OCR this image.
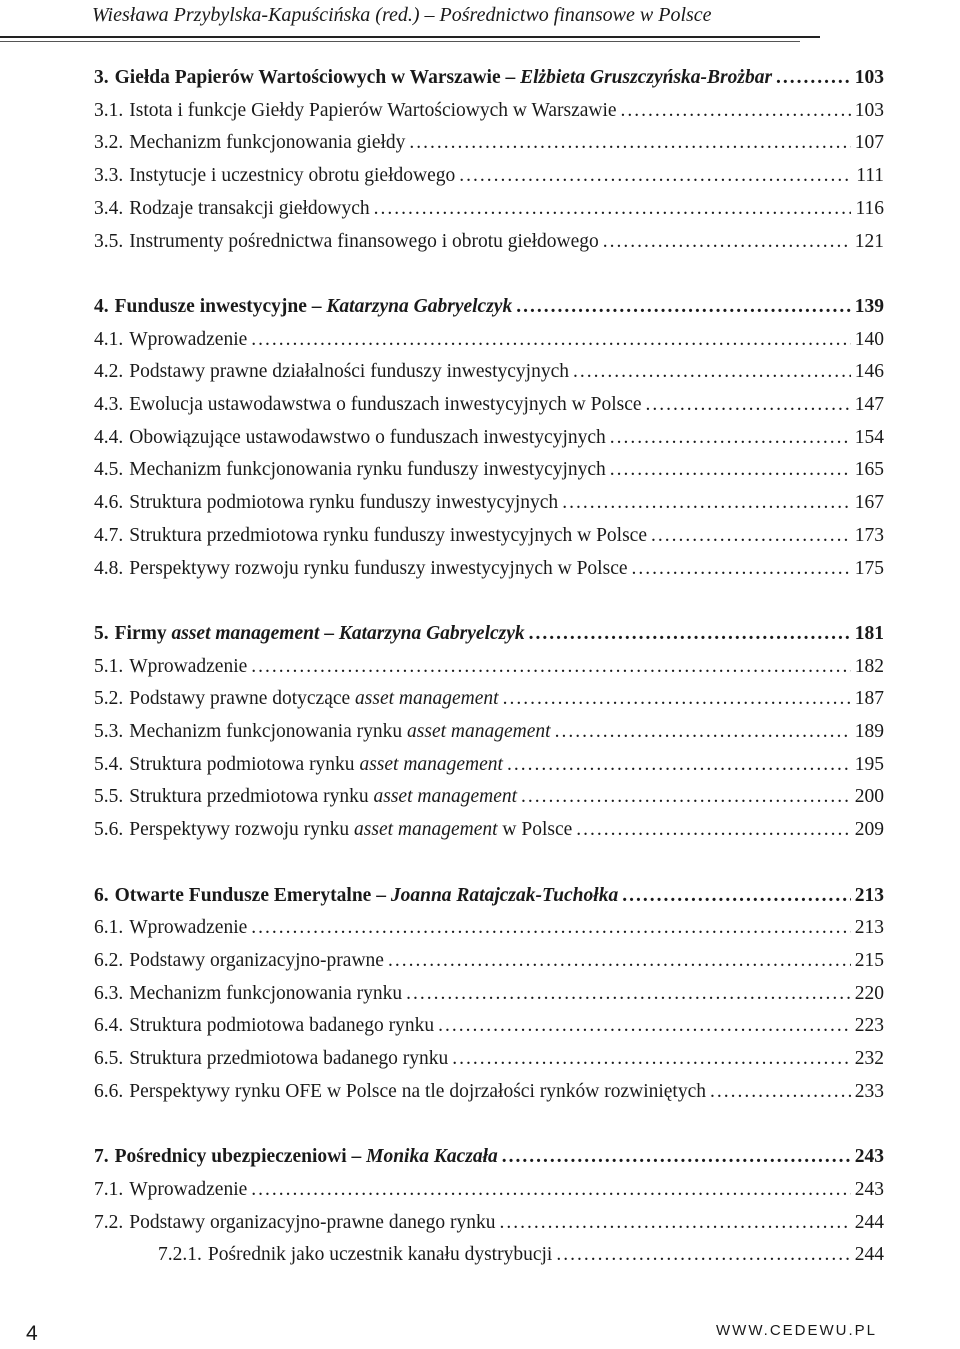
Wiesława Przybylska-Kapuścińska (red.) – Pośrednictwo finansowe w Polsce
3. Giełda Papierów Wartościowych w Warszawie – Elżbieta Gruszczyńska-Brożbar .....	103
3.1. Istota i funkcje Giełdy Papierów Wartościowych w Warszawie .....	103
3.2. Mechanizm funkcjonowania giełdy .....	107
3.3. Instytucje i uczestnicy obrotu giełdowego .....	111
3.4. Rodzaje transakcji giełdowych .....	116
3.5. Instrumenty pośrednictwa finansowego i obrotu giełdowego .....	121
4. Fundusze inwestycyjne – Katarzyna Gabryelczyk .....	139
4.1. Wprowadzenie .....	140
4.2. Podstawy prawne działalności funduszy inwestycyjnych .....	146
4.3. Ewolucja ustawodawstwa o funduszach inwestycyjnych w Polsce .....	147
4.4. Obowiązujące ustawodawstwo o funduszach inwestycyjnych .....	154
4.5. Mechanizm funkcjonowania rynku funduszy inwestycyjnych .....	165
4.6. Struktura podmiotowa rynku funduszy inwestycyjnych .....	167
4.7. Struktura przedmiotowa rynku funduszy inwestycyjnych w Polsce .....	173
4.8. Perspektywy rozwoju rynku funduszy inwestycyjnych w Polsce .....	175
5. Firmy asset management – Katarzyna Gabryelczyk .....	181
5.1. Wprowadzenie .....	182
5.2. Podstawy prawne dotyczące asset management .....	187
5.3. Mechanizm funkcjonowania rynku asset management .....	189
5.4. Struktura podmiotowa rynku asset management .....	195
5.5. Struktura przedmiotowa rynku asset management .....	200
5.6. Perspektywy rozwoju rynku asset management w Polsce .....	209
6. Otwarte Fundusze Emerytalne – Joanna Ratajczak-Tuchołka .....	213
6.1. Wprowadzenie .....	213
6.2. Podstawy organizacyjno-prawne .....	215
6.3. Mechanizm funkcjonowania rynku .....	220
6.4. Struktura podmiotowa badanego rynku .....	223
6.5. Struktura przedmiotowa badanego rynku .....	232
6.6. Perspektywy rynku OFE w Polsce na tle dojrzałości rynków rozwiniętych .....	233
7. Pośrednicy ubezpieczeniowi – Monika Kaczała .....	243
7.1. Wprowadzenie .....	243
7.2. Podstawy organizacyjno-prawne danego rynku .....	244
7.2.1. Pośrednik jako uczestnik kanału dystrybucji .....	244
4	WWW.CEDEWU.PL
